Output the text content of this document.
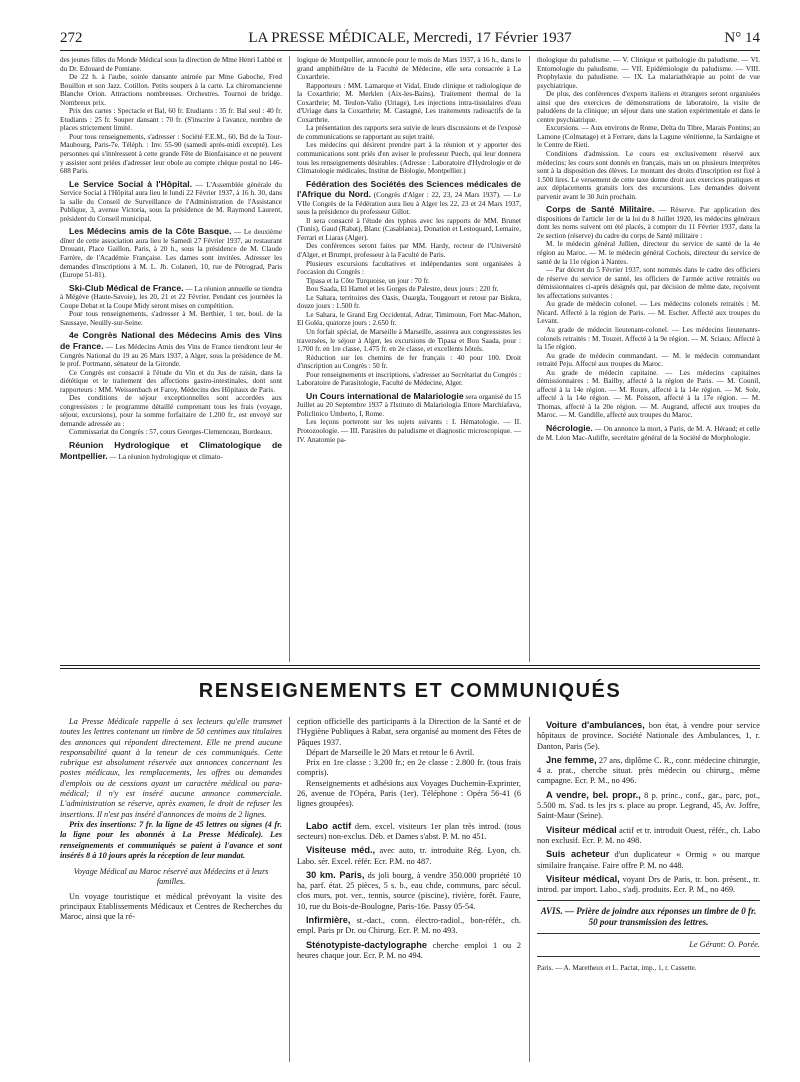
272	LA PRESSE MÉDICALE, Mercredi, 17 Février 1937	N° 14

des jeunes filles du Monde Médical sous la direction de Mme Henri Labbé et du Dr. Edouard de Pomiane.

De 22 h. à l'aube, soirée dansante animée par Mme Gaboche, Fred Bouillon et son Jazz. Cotillon. Petits soupers à la carte. La chiromancienne Blanche Orion. Attractions nombreuses. Orchestres. Tournoi de bridge. Nombreux prix.

Prix des cartes : Spectacle et Bal, 60 fr. Etudiants : 35 fr. Bal seul : 40 fr. Etudiants : 25 fr. Souper dansant : 70 fr. (S'inscrire à l'avance, nombre de places strictement limité.

Pour tous renseignements, s'adresser : Société F.E.M., 60, Bd de la Tour-Maubourg, Paris-7e. Téléph. : Inv. 55-90 (samedi après-midi excepté). Les personnes qui s'intéressent à cette grande Fête de Bienfaisance et ne peuvent y assister sont priées d'adresser leur obole au compte chèque postal no 146-688 Paris.

Le Service Social à l'Hôpital. — L'Assemblée générale du Service Social à l'Hôpital aura lieu le lundi 22 Février 1937, à 16 h. 30, dans la salle du Conseil de Surveillance de l'Administration de l'Assistance Publique, 3, avenue Victoria, sous la présidence de M. Raymond Laurent, président du Conseil municipal.

Les Médecins amis de la Côte Basque. — Le deuxième dîner de cette association aura lieu le Samedi 27 Février 1937, au restaurant Drouant, Place Gaillon, Paris, à 20 h., sous la présidence de M. Claude Farrère, de l'Académie Française. Les dames sont invitées. Adresser les demandes d'inscriptions à M. L. Jh. Colaneri, 10, rue de Pétrograd, Paris (Europe 51-81).

Ski-Club Médical de France. — La réunion annuelle se tiendra à Mégève (Haute-Savoie), les 20, 21 et 22 Février. Pendant ces journées la Coupe Debat et la Coupe Midy seront mises en compétition.

Pour tous renseignements, s'adresser à M. Berthier, 1 ter, boul. de la Saussaye, Neuilly-sur-Seine.

4e Congrès National des Médecins Amis des Vins de France. — Les Médecins Amis des Vins de France tiendront leur 4e Congrès National du 19 au 26 Mars 1937, à Alger, sous la présidence de M. le prof. Portmann, sénateur de la Gironde.

Ce Congrès est consacré à l'étude du Vin et du Jus de raisin, dans la diététique et le traitement des affections gastro-intestinales, dont sont rapporteurs : MM. Weissenbach et Faroy, Médecins des Hôpitaux de Paris.

Des conditions de séjour exceptionnelles sont accordées aux congressistes : le programme détaillé comprenant tous les frais (voyage, séjour, excursions), pour la somme forfaitaire de 1.200 fr., est envoyé sur demande adressée au :

Commissariat du Congrès : 57, cours Georges-Clemenceau, Bordeaux.

Réunion Hydrologique et Climatologique de Montpellier. — La réunion hydrologique et climato-

logique de Montpellier, annoncée pour le mois de Mars 1937, à 16 h., dans le grand amphithéâtre de la Faculté de Médecine, elle sera consacrée à La Coxarthrie.

Rapporteurs : MM. Lamarque et Vidal, Etude clinique et radiologique de la Coxarthrie; M. Merklen (Aix-les-Bains), Traitement thermal de la Coxarthrie; M. Teulon-Valio (Uriage), Les injections intra-tissulaires d'eau d'Uriage dans la Coxarthrie; M. Castagné, Les traitements radioactifs de la Coxarthrie.

La présentation des rapports sera suivie de leurs discussions et de l'exposé de communications se rapportant au sujet traité.

Les médecins qui désirent prendre part à la réunion et y apporter des communications sont priés d'en aviser le professeur Puech, qui leur donnera tous les renseignements désirables. (Adresse : Laboratoire d'Hydrologie et de Climatologie médicales, Institut de Biologie, Montpellier.)

Fédération des Sociétés des Sciences médicales de l'Afrique du Nord. (Congrès d'Alger : 22, 23, 24 Mars 1937). — Le VIIe Congrès de la Fédération aura lieu à Alger les 22, 23 et 24 Mars 1937, sous la présidence du professeur Gillot.

Il sera consacré à l'étude des typhus avec les rapports de MM. Brunet (Tunis), Gaud (Rabat), Blanc (Casablanca), Donation et Lestoquard, Lemaire, Ferrari et Liaras (Alger).

Des conférences seront faites par MM. Hardy, recteur de l'Université d'Alger, et Brumpt, professeur à la Faculté de Paris.

Plusieurs excursions facultatives et indépendantes sont organisées à l'occasion du Congrès :

Tipasa et la Côte Turquoise, un jour : 70 fr.

Bou Saada, El Hamel et les Gorges de Palestre, deux jours : 220 fr.

Le Sahara, territoires des Oasis, Ouargla, Touggourt et retour par Biskra, douze jours : 1.500 fr.

Le Sahara, le Grand Erg Occidental, Adrar, Timimoun, Fort Mac-Mahon, El Goléa, quatorze jours : 2.650 fr.

Un forfait spécial, de Marseille à Marseille, assurera aux congressistes les traversées, le séjour à Alger, les excursions de Tipasa et Bou Saada, pour : 1.700 fr. en 1re classe, 1.475 fr. en 2e classe, et excellents hôtels.

Réduction sur les chemins de fer français : 40 pour 100. Droit d'inscription au Congrès : 50 fr.

Pour renseignements et inscriptions, s'adresser au Secrétariat du Congrès : Laboratoire de Parasitologie, Faculté de Médecine, Alger.

Un Cours international de Malariologie sera organisé du 15 Juillet au 20 Septembre 1937 à l'Istituto di Malariologia Ettore Marchiafava, Policlinico Umberto, I, Rome.

Les leçons porteront sur les sujets suivants : I. Hématologie. — II. Protozoologie. — III. Parasites du paludisme et diagnostic microscopique. — IV. Anatomie pa-

thologique du paludisme. — V. Clinique et pathologie du paludisme. — VI. Entomologie du paludisme. — VII. Epidémiologie du paludisme. — VIII. Prophylaxie du paludisme. — IX. La malariathérapie au point de vue psychiatrique.

De plus, des conférences d'experts italiens et étrangers seront organisées ainsi que des exercices de démonstrations de laboratoire, la visite de paludéens de la clinique; un séjour dans une station expérimentale et dans le centre psychiatrique.

Excursions. — Aux environs de Rome, Delta du Tibre, Marais Pontins; au Lamone (Colmatage) et à Ferrare, dans la Lagune vénitienne, la Sardaigne et le Centre de Rieti.

Conditions d'admission. Le cours est exclusivement réservé aux médecins; les cours sont donnés en français, mais un ou plusieurs interprètes sont à la disposition des élèves. Le montant des droits d'inscription est fixé à 1.500 lires. Le versement de cette taxe donne droit aux exercices pratiques et aux déplacements gratuits lors des excursions. Les demandes doivent parvenir avant le 30 Juin prochain.

Corps de Santé Militaire. — Réserve. Par application des dispositions de l'article 1er de la loi du 8 Juillet 1920, les médecins généraux dont les noms suivent ont été placés, à compter du 11 Février 1937, dans la 2e section (réserve) du cadre du corps de Santé militaire :

M. le médecin général Jullien, directeur du service de santé de la 4e région au Maroc. — M. le médecin général Cochois, directeur du service de santé de la 11e région à Nantes.

— Par décret du 5 Février 1937, sont nommés dans le cadre des officiers de réserve du service de santé, les officiers de l'armée active retraités ou démissionnaires ci-après désignés qui, par décision de même date, reçoivent les affectations suivantes :

Au grade de médecin colonel. — Les médecins colonels retraités : M. Nicard. Affecté à la région de Paris. — M. Escher. Affecté aux troupes du Levant.

Au grade de médecin lieutenant-colonel. — Les médecins lieutenants-colonels retraités : M. Touzet. Affecté à la 9e région. — M. Sciaux. Affecté à la 15e région.

Au grade de médecin commandant. — M. le médecin commandant retraité Peju. Affecté aux troupes du Maroc.

Au grade de médecin capitaine. — Les médecins capitaines démissionnaires : M. Bailby, affecté à la région de Paris. — M. Counil, affecté à la 14e région. — M. Roure, affecté à la 14e région. — M. Sole, affecté à la 14e région. — M. Poisson, affecté à la 17e région. — M. Thomas, affecté à la 20e région. — M. Augrand, affecté aux troupes du Maroc. — M. Gandille, affecté aux troupes du Maroc.

Nécrologie. — On annonce la mort, à Paris, de M. A. Héraud; et celle de M. Léon Mac-Auliffe, secrétaire général de la Société de Morphologie.

RENSEIGNEMENTS ET COMMUNIQUÉS

La Presse Médicale rappelle à ses lecteurs qu'elle transmet toutes les lettres contenant un timbre de 50 centimes aux titulaires des annonces qui répondent directement. Elle ne prend aucune responsabilité quant à la teneur de ces communiqués. Cette rubrique est absolument réservée aux annonces concernant les postes médicaux, les remplacements, les offres ou demandes d'emplois ou de cessions ayant un caractère médical ou para-médical; il n'y est inséré aucune annonce commerciale. L'administration se réserve, après examen, le droit de refuser les insertions. Il n'est pas inséré d'annonces de moins de 2 lignes.

Prix des insertions: 7 fr. la ligne de 45 lettres ou signes (4 fr. la ligne pour les abonnés à La Presse Médicale). Les renseignements et communiqués se paient à l'avance et sont insérés 8 à 10 jours après la réception de leur mandat.

Voyage Médical au Maroc réservé aux Médecins et à leurs familles.

Un voyage touristique et médical prévoyant la visite des principaux Etablissements Médicaux et Centres de Recherches du Maroc, ainsi que la ré-

ception officielle des participants à la Direction de la Santé et de l'Hygiène Publiques à Rabat, sera organisé au moment des Fêtes de Pâques 1937.

Départ de Marseille le 20 Mars et retour le 6 Avril.

Prix en 1re classe : 3.200 fr.; en 2e classe : 2.800 fr. (tous frais compris).

Renseignements et adhésions aux Voyages Duchemin-Exprinter, 26, avenue de l'Opéra, Paris (1er). Téléphone : Opéra 56-41 (6 lignes groupées).

Labo actif dem. excel. visiteurs 1er plan très introd. (tous secteurs) non-exclus. Déb. et Dames s'abst. P. M. no 451.

Visiteuse méd., avec auto, tr. introduite Rég. Lyon, ch. Labo. sér. Excel. référ. Ecr. P.M. no 487.

30 km. Paris, ds joli bourg, à vendre 350.000 propriété 10 ha, parf. état. 25 pièces, 5 s. b., eau chde, communs, parc sécul. clos murs, pot. ver., tennis, source (piscine), rivière, forêt. Faure, 10, rue du Bois-de-Boulogne, Paris-16e. Passy 05-54.

Infirmière, st.-dact., conn. électro-radiol., bon-référ., ch. empl. Paris pr Dr. ou Chirurg. Ecr. P. M. no 493.

Sténotypiste-dactylographe cherche emploi 1 ou 2 heures chaque jour. Ecr. P. M. no 494.

Voiture d'ambulances, bon état, à vendre pour service hôpitaux de province. Société Nationale des Ambulances, 1, r. Danton, Paris (5e).

Jne femme, 27 ans, diplôme C. R., conr. médecine chirurgie, 4 a. prat., cherche situat. près médecin ou chirurg., même campagne. Ecr. P. M., no 496.

A vendre, bel. propr., 8 p. princ., conf., gar., parc, pot., 5.500 m. S'ad. ts les jrs s. place au propr. Legrand, 45, Av. Joffre, Saint-Maur (Seine).

Visiteur médical actif et tr. introduit Ouest, référ., ch. Labo non exclusif. Ecr. P. M. no 498.

Suis acheteur d'un duplicateur « Ormig » ou marque similaire française. Faire offre P. M. no 448.

Visiteur médical, voyant Drs de Paris, tr. bon. présent., tr. introd. par import. Labo., s'adj. produits. Ecr. P. M., no 469.

AVIS. — Prière de joindre aux réponses un timbre de 0 fr. 50 pour transmission des lettres.
Le Gérant: O. Porée.
Paris. — A. Maretheux et L. Pactat, imp., 1, r. Cassette.
